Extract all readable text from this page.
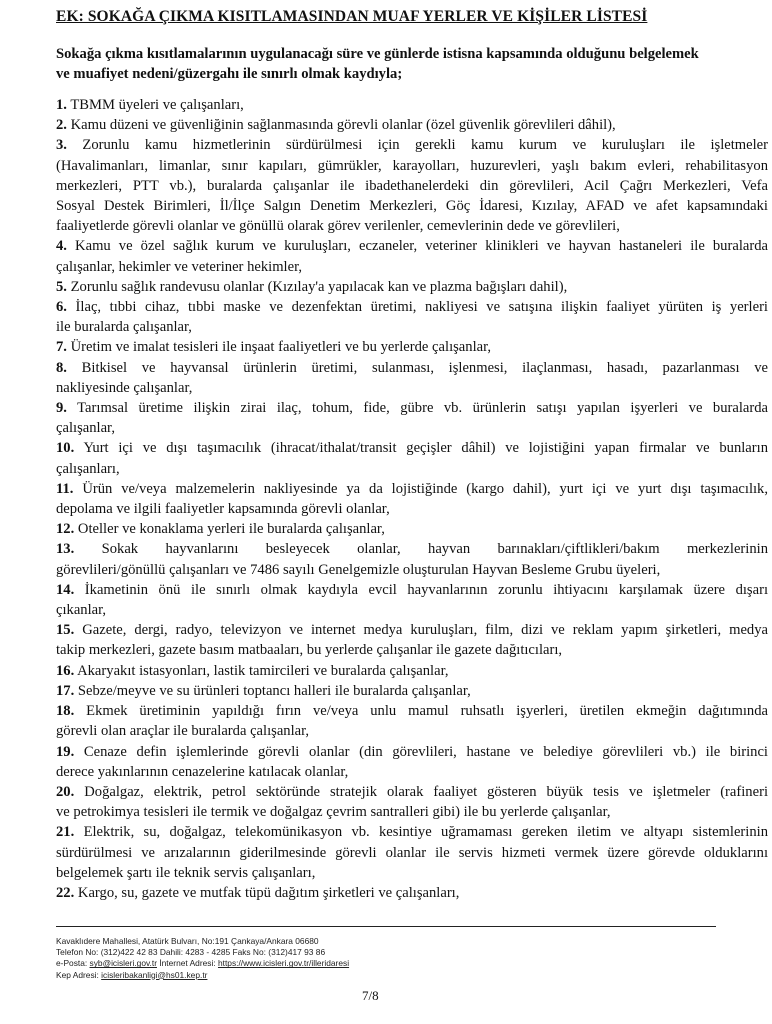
EK: SOKAĞA ÇIKMA KISITLAMASINDAN MUAF YERLER VE KİŞİLER LİSTESİ
Sokağa çıkma kısıtlamalarının uygulanacağı süre ve günlerde istisna kapsamında olduğunu belgelemek
ve muafiyet nedeni/güzergahı ile sınırlı olmak kaydıyla;
1. TBMM üyeleri ve çalışanları,
2. Kamu düzeni ve güvenliğinin sağlanmasında görevli olanlar (özel güvenlik görevlileri dâhil),
3. Zorunlu kamu hizmetlerinin sürdürülmesi için gerekli kamu kurum ve kuruluşları ile işletmeler
(Havalimanları, limanlar, sınır kapıları, gümrükler, karayolları, huzurevleri, yaşlı bakım evleri, rehabilitasyon
merkezleri, PTT vb.), buralarda çalışanlar ile ibadethanelerdeki din görevlileri, Acil Çağrı Merkezleri, Vefa
Sosyal Destek Birimleri, İl/İlçe Salgın Denetim Merkezleri, Göç İdaresi, Kızılay, AFAD ve afet kapsamındaki
faaliyetlerde görevli olanlar ve gönüllü olarak görev verilenler, cemevlerinin dede ve görevlileri,
4. Kamu ve özel sağlık kurum ve kuruluşları, eczaneler, veteriner klinikleri ve hayvan hastaneleri ile buralarda
çalışanlar, hekimler ve veteriner hekimler,
5. Zorunlu sağlık randevusu olanlar (Kızılay'a yapılacak kan ve plazma bağışları dahil),
6. İlaç, tıbbi cihaz, tıbbi maske ve dezenfektan üretimi, nakliyesi ve satışına ilişkin faaliyet yürüten iş yerleri
ile buralarda çalışanlar,
7. Üretim ve imalat tesisleri ile inşaat faaliyetleri ve bu yerlerde çalışanlar,
8. Bitkisel ve hayvansal ürünlerin üretimi, sulanması, işlenmesi, ilaçlanması, hasadı, pazarlanması ve
nakliyesinde çalışanlar,
9. Tarımsal üretime ilişkin zirai ilaç, tohum, fide, gübre vb. ürünlerin satışı yapılan işyerleri ve buralarda
çalışanlar,
10. Yurt içi ve dışı taşımacılık (ihracat/ithalat/transit geçişler dâhil) ve lojistiğini yapan firmalar ve bunların
çalışanları,
11. Ürün ve/veya malzemelerin nakliyesinde ya da lojistiğinde (kargo dahil), yurt içi ve yurt dışı taşımacılık,
depolama ve ilgili faaliyetler kapsamında görevli olanlar,
12. Oteller ve konaklama yerleri ile buralarda çalışanlar,
13. Sokak hayvanlarını besleyecek olanlar, hayvan barınakları/çiftlikleri/bakım merkezlerinin
görevlileri/gönüllü çalışanları ve 7486 sayılı Genelgemizle oluşturulan Hayvan Besleme Grubu üyeleri,
14. İkametinin önü ile sınırlı olmak kaydıyla evcil hayvanlarının zorunlu ihtiyacını karşılamak üzere dışarı
çıkanlar,
15. Gazete, dergi, radyo, televizyon ve internet medya kuruluşları, film, dizi ve reklam yapım şirketleri, medya
takip merkezleri, gazete basım matbaaları, bu yerlerde çalışanlar ile gazete dağıtıcıları,
16. Akaryakıt istasyonları, lastik tamircileri ve buralarda çalışanlar,
17. Sebze/meyve ve su ürünleri toptancı halleri ile buralarda çalışanlar,
18. Ekmek üretiminin yapıldığı fırın ve/veya unlu mamul ruhsatlı işyerleri, üretilen ekmeğin dağıtımında
görevli olan araçlar ile buralarda çalışanlar,
19. Cenaze defin işlemlerinde görevli olanlar (din görevlileri, hastane ve belediye görevlileri vb.) ile birinci
derece yakınlarının cenazelerine katılacak olanlar,
20. Doğalgaz, elektrik, petrol sektöründe stratejik olarak faaliyet gösteren büyük tesis ve işletmeler (rafineri
ve petrokimya tesisleri ile termik ve doğalgaz çevrim santralleri gibi) ile bu yerlerde çalışanlar,
21. Elektrik, su, doğalgaz, telekomünikasyon vb. kesintiye uğramaması gereken iletim ve altyapı sistemlerinin
sürdürülmesi ve arızalarının giderilmesinde görevli olanlar ile servis hizmeti vermek üzere görevde olduklarını
belgelemek şartı ile teknik servis çalışanları,
22. Kargo, su, gazete ve mutfak tüpü dağıtım şirketleri ve çalışanları,
Kavaklıdere Mahallesi, Atatürk Bulvarı, No:191 Çankaya/Ankara 06680
Telefon No: (312)422 42 83 Dahili: 4283 - 4285 Faks No: (312)417 93 86
e-Posta: syb@icisleri.gov.tr İnternet Adresi: https://www.icisleri.gov.tr/illeridaresi
Kep Adresi: icisleribakanligi@hs01.kep.tr
7/8
